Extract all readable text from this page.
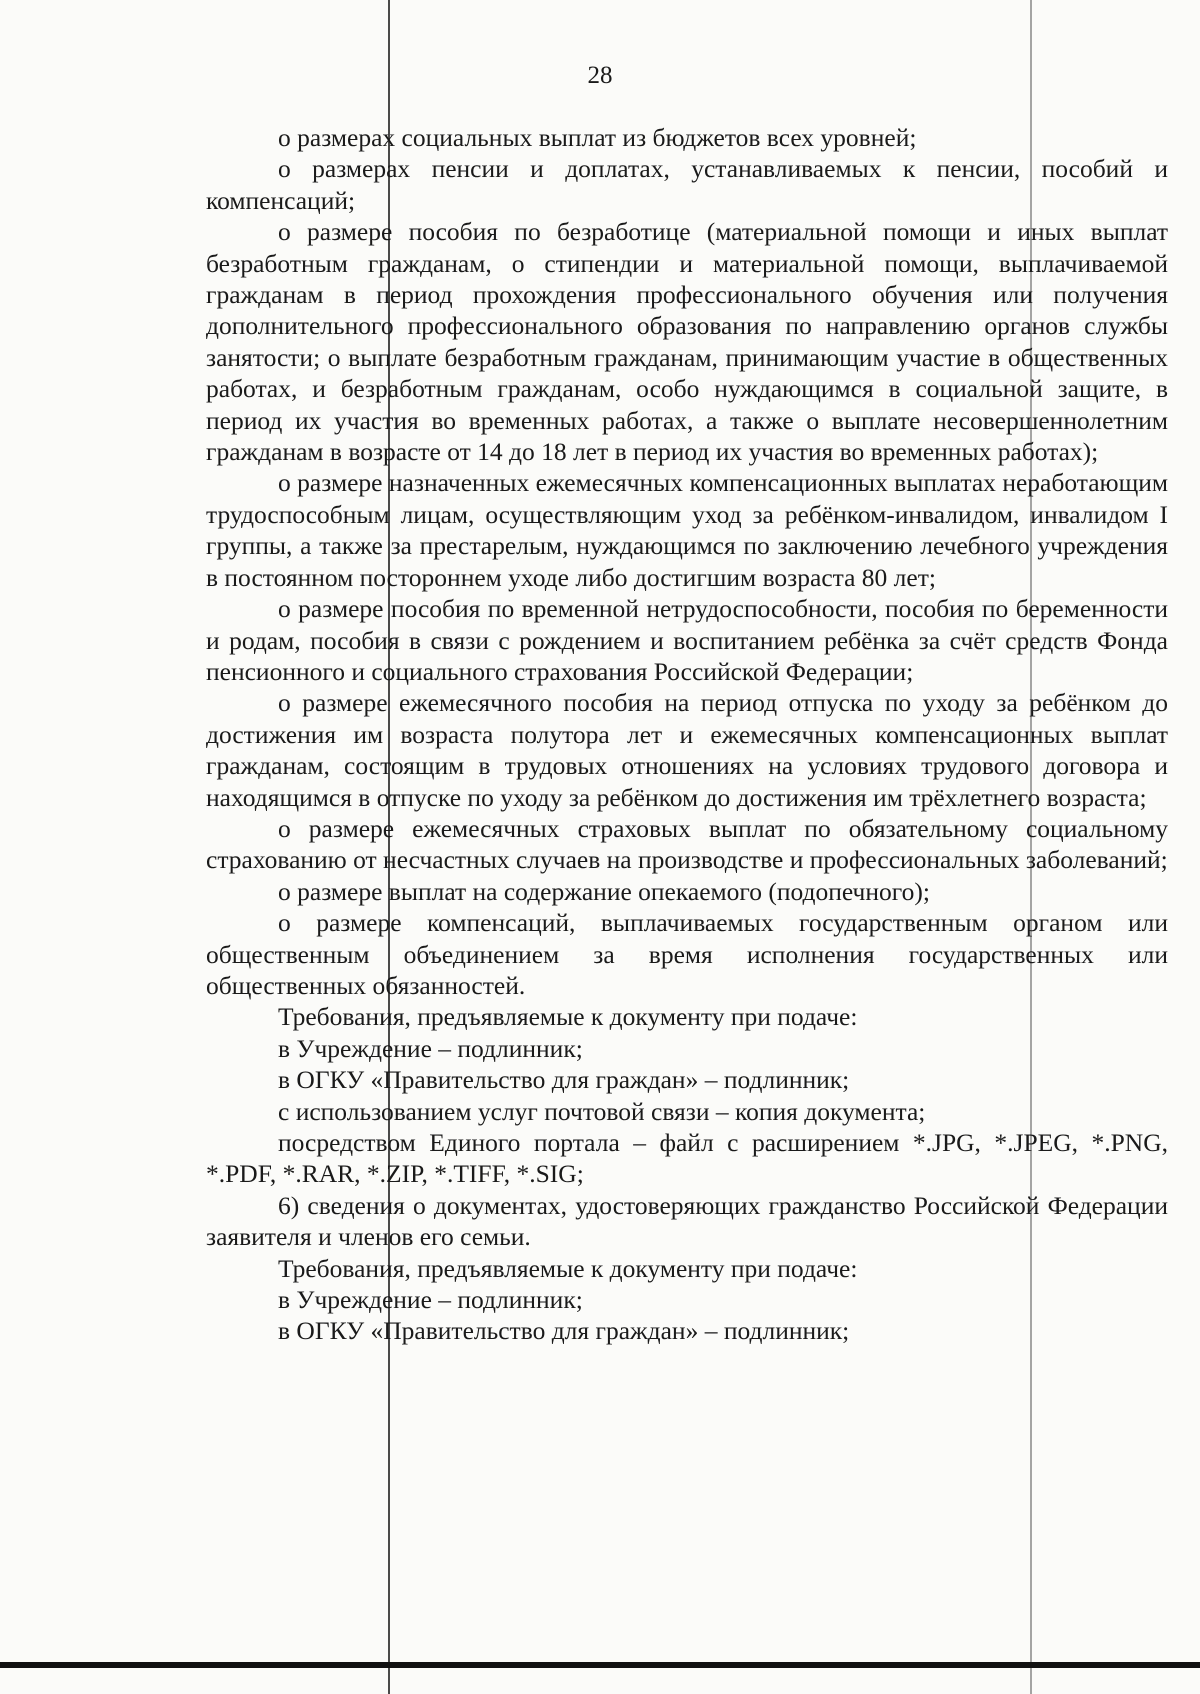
28

о размерах социальных выплат из бюджетов всех уровней;

о размерах пенсии и доплатах, устанавливаемых к пенсии, пособий и компенсаций;

о размере пособия по безработице (материальной помощи и иных выплат безработным гражданам, о стипендии и материальной помощи, выплачиваемой гражданам в период прохождения профессионального обучения или получения дополнительного профессионального образования по направлению органов службы занятости; о выплате безработным гражданам, принимающим участие в общественных работах, и безработным гражданам, особо нуждающимся в социальной защите, в период их участия во временных работах, а также о выплате несовершеннолетним гражданам в возрасте от 14 до 18 лет в период их участия во временных работах);

о размере назначенных ежемесячных компенсационных выплатах неработающим трудоспособным лицам, осуществляющим уход за ребёнком-инвалидом, инвалидом I группы, а также за престарелым, нуждающимся по заключению лечебного учреждения в постоянном постороннем уходе либо достигшим возраста 80 лет;

о размере пособия по временной нетрудоспособности, пособия по беременности и родам, пособия в связи с рождением и воспитанием ребёнка за счёт средств Фонда пенсионного и социального страхования Российской Федерации;

о размере ежемесячного пособия на период отпуска по уходу за ребёнком до достижения им возраста полутора лет и ежемесячных компенсационных выплат гражданам, состоящим в трудовых отношениях на условиях трудового договора и находящимся в отпуске по уходу за ребёнком до достижения им трёхлетнего возраста;

о размере ежемесячных страховых выплат по обязательному социальному страхованию от несчастных случаев на производстве и профессиональных заболеваний;

о размере выплат на содержание опекаемого (подопечного);

о размере компенсаций, выплачиваемых государственным органом или общественным объединением за время исполнения государственных или общественных обязанностей.

Требования, предъявляемые к документу при подаче:

в Учреждение – подлинник;

в ОГКУ «Правительство для граждан» – подлинник;

с использованием услуг почтовой связи – копия документа;

посредством Единого портала – файл с расширением *.JPG, *.JPEG, *.PNG, *.PDF, *.RAR, *.ZIP, *.TIFF, *.SIG;

6) сведения о документах, удостоверяющих гражданство Российской Федерации заявителя и членов его семьи.

Требования, предъявляемые к документу при подаче:

в Учреждение – подлинник;

в ОГКУ «Правительство для граждан» – подлинник;
